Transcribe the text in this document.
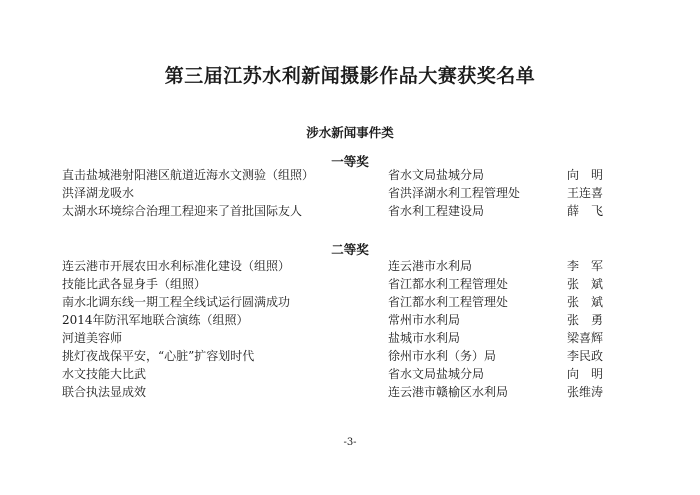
第三届江苏水利新闻摄影作品大赛获奖名单
涉水新闻事件类
一等奖
直击盐城港射阳港区航道近海水文测验（组照）	省水文局盐城分局	向　明
洪泽湖龙吸水	省洪泽湖水利工程管理处	王连喜
太湖水环境综合治理工程迎来了首批国际友人	省水利工程建设局	薛　飞
二等奖
连云港市开展农田水利标准化建设（组照）	连云港市水利局	李　军
技能比武各显身手（组照）	省江都水利工程管理处	张　斌
南水北调东线一期工程全线试运行圆满成功	省江都水利工程管理处	张　斌
2014年防汛军地联合演练（组照）	常州市水利局	张　勇
河道美容师	盐城市水利局	梁喜辉
挑灯夜战保平安，“心脏”扩容划时代	徐州市水利（务）局	李民政
水文技能大比武	省水文局盐城分局	向　明
联合执法显成效	连云港市赣榆区水利局	张维涛
-3-
